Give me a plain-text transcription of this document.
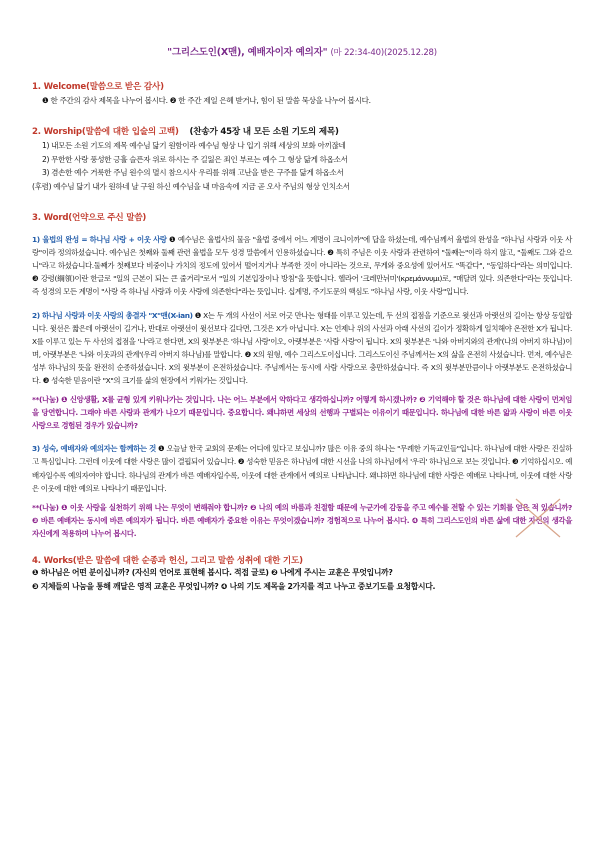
"그리스도인(X맨), 예배자이자 예의자" (마 22:34-40)(2025.12.28)
1. Welcome(말씀으로 받은 감사)
❶ 한 주간의 감사 제목을 나누어 봅시다. ❷ 한 주간 제일 은혜 받거나, 힘이 된 말씀 묵상을 나누어 봅시다.
2. Worship(말씀에 대한 입술의 고백) (찬송가 45장 내 모든 소원 기도의 제목)
1) 내모든 소원 기도의 제목 예수님 닮기 원함이라 예수님 형상 나 입기 위해 세상의 보화 아끼잖네
2) 무한한 사랑 풍성한 긍휼 슬픈자 위로 하시는 주 길잃은 죄인 부르는 예수 그 형상 닮게 하옵소서
3) 겸손한 예수 거룩한 주님 원수의 멸시 참으시사 우리를 위해 고난을 받은 구주를 닮게 하옵소서
(후렴) 예수님 닮기 내가 원하네 날 구원 하신 예수님을 내 마음속에 지금 곧 오사 주님의 형상 인치소서
3. Word(언약으로 주신 말씀)

1) 율법의 완성 = 하나님 사랑 + 이웃 사랑 ❶ 예수님은 율법사의 물음 "율법 중에서 어느 계명이 크니이까"에 답을 하셨는데, 예수님께서 율법의 완성을 "하나님 사랑과 이웃 사랑"이라 정의하셨습니다. 예수님은 첫째와 둘째 관련 율법을 모두 성경 말씀에서 인용하셨습니다. ❷ 특히 주님은 이웃 사랑과 관련하여 "둘째는"이라 하지 않고, "둘째도 그와 같으니"라고 하셨습니다.둘째가 첫째보다 비중이나 가치의 정도에 있어서 떨어지거나 부족한 것이 아니라는 것으로, 무게와 중요성에 있어서도 "똑같다", "동일하다"라는 의미입니다. ❸ 강령(綱領)이란 한글로 "일의 근본이 되는 큰 줄거리"로서 "일의 기본입장이나 방침"을 뜻합니다. 헬라어 '크레만뉘미'(κρεμάννυμι)로, "매달려 있다. 의존한다"라는 뜻입니다. 즉 성경의 모든 계명이 "사랑 즉 하나님 사랑과 이웃 사랑에 의존한다"라는 뜻입니다. 십계명, 주기도문의 핵심도 "하나님 사랑, 이웃 사랑"입니다.

2) 하나님 사랑과 이웃 사랑의 총결자 "X"맨(X-ian) ❶ X는 두 개의 사선이 서로 어긋 만나는 형태를 이루고 있는데, 두 선의 접점을 기준으로 윗선과 아랫선의 길이는 항상 동일합니다. 윗선은 짧은데 아랫선이 길거나, 반대로 아랫선이 윗선보다 길다면, 그것은 X가 아닙니다. X는 언제나 위의 사선과 아래 사선의 길이가 정확하게 일치해야 온전한 X가 됩니다. X를 이루고 있는 두 사선의 접점을 '나'라고 한다면, X의 윗부분은 '하나님 사랑'이오, 아랫부분은 '사람 사랑'이 됩니다. X의 윗부분은 '나와 아버지와의 관계'(나의 아버지 하나님)이며, 아랫부분은 '나와 이웃과의 관계'(우리 아버지 하나님)를 말합니다. ❷ X의 원형, 예수 그리스도이십니다. 그리스도이신 주님께서는 X의 삶을 온전히 사셨습니다. 먼저, 예수님은 성부 하나님의 뜻을 완전히 순종하셨습니다. X의 윗부분이 온전하셨습니다. 주님께서는 동시에 사람 사랑으로 충만하셨습니다. 즉 X의 윗부분만큼이나 아랫부분도 온전하셨습니다. ❸ 성숙한 믿음이란 "X"의 크기를 삶의 현장에서 키워가는 것입니다.

**(나눔) ❶ 신앙생활, X를 균형 있게 키워나가는 것입니다. 나는 어느 부분에서 약하다고 생각하십니까? 어떻게 하시겠나까? ❷ 기억해야 할 것은 하나님에 대한 사랑이 먼저임을 당연합니다. 그래야 바른 사랑과 관계가 나오기 때문입니다. 중요합니다. 왜냐하면 세상의 선행과 구별되는 이유이기 때문입니다. 하나님에 대한 바른 앎과 사랑이 바른 이웃 사랑으로 경험된 경우가 있습니까?

3) 성숙, 예배자와 예의자는 함께하는 것 ❶ 오늘날 한국 교회의 문제는 어디에 있다고 보십니까? 많은 이유 중의 하나는 "무례한 기독교인들"입니다. 하나님에 대한 사랑은 진실하고 특심입니다. 그런데 이웃에 대한 사랑은 많이 결핍되어 있습니다. ❷ 성숙한 믿음은 하나님에 대한 시선을 나의 하나님에서 '우리' 하나님으로 보는 것입니다. ❸ 기억하십시오. 예배자일수록 예의자여야 합니다. 하나님의 관계가 바른 예배자일수록, 이웃에 대한 관계에서 예의로 나타납니다. 왜냐하면 하나님에 대한 사랑은 예배로 나타나며, 이웃에 대한 사랑은 이웃에 대한 예의로 나타나기 때문입니다.

**(나눔) ❶ 이웃 사랑을 실천하기 위해 나는 무엇이 변해줘야 합니까? ❷ 나의 예의 바름과 친절함 때문에 누군가에 감동을 주고 예수를 전할 수 있는 기회를 얻은 적 있습니까? ❸ 바른 예배자는 동시에 바른 예의자가 됩니다. 바른 예배자가 중요한 이유는 무엇이겠습니까? 경험적으로 나누어 봅시다. ❹ 특히 그리스도인의 바른 삶에 대한 자신의 생각을 자신에게 적용하며 나누어 봅시다.

4. Works(받은 말씀에 대한 순종과 헌신, 그리고 말씀 성취에 대한 기도)
❶ 하나님은 어떤 분이십니까? (자신의 언어로 표현해 봅시다. 적접 글로) ❷ 나에게 주시는 교훈은 무엇입니까?
❸ 지체들의 나눔을 통해 깨달은 영적 교훈은 무엇입니까? ❹ 나의 기도 제목을 2가지를 적고 나누고 중보기도를 요청합시다.
